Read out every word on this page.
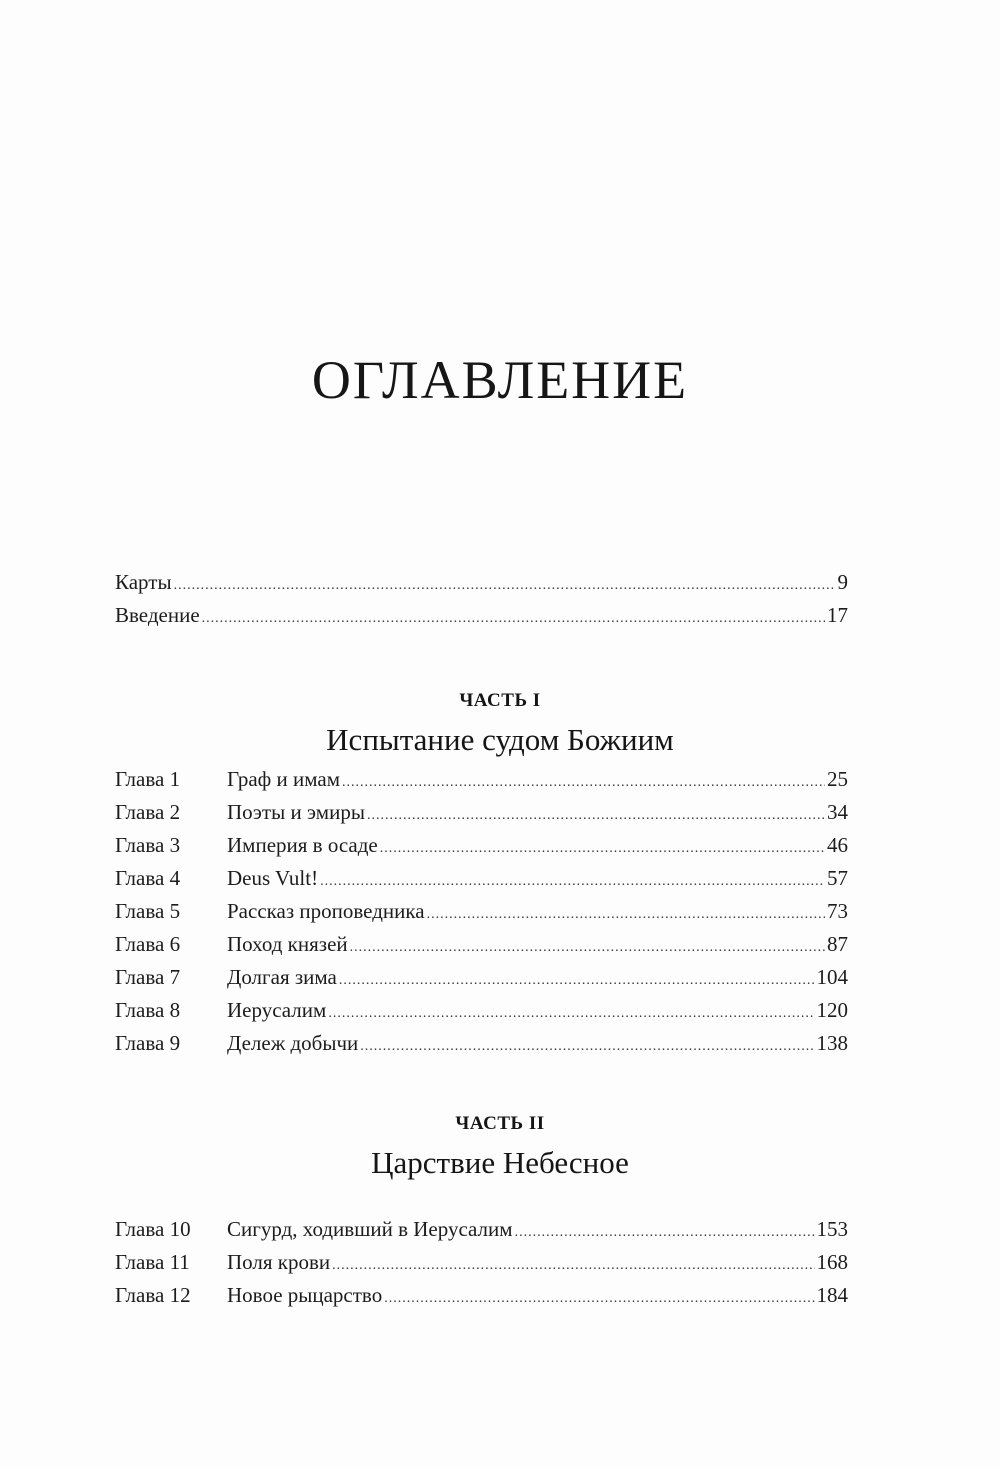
ОГЛАВЛЕНИЕ
Карты .....	9
Введение .....	17
ЧАСТЬ I
Испытание судом Божиим
Глава 1	Граф и имам .....	25
Глава 2	Поэты и эмиры .....	34
Глава 3	Империя в осаде .....	46
Глава 4	Deus Vult! .....	57
Глава 5	Рассказ проповедника .....	73
Глава 6	Поход князей .....	87
Глава 7	Долгая зима .....	104
Глава 8	Иерусалим .....	120
Глава 9	Дележ добычи .....	138
ЧАСТЬ II
Царствие Небесное
Глава 10	Сигурд, ходивший в Иерусалим .....	153
Глава 11	Поля крови .....	168
Глава 12	Новое рыцарство .....	184
